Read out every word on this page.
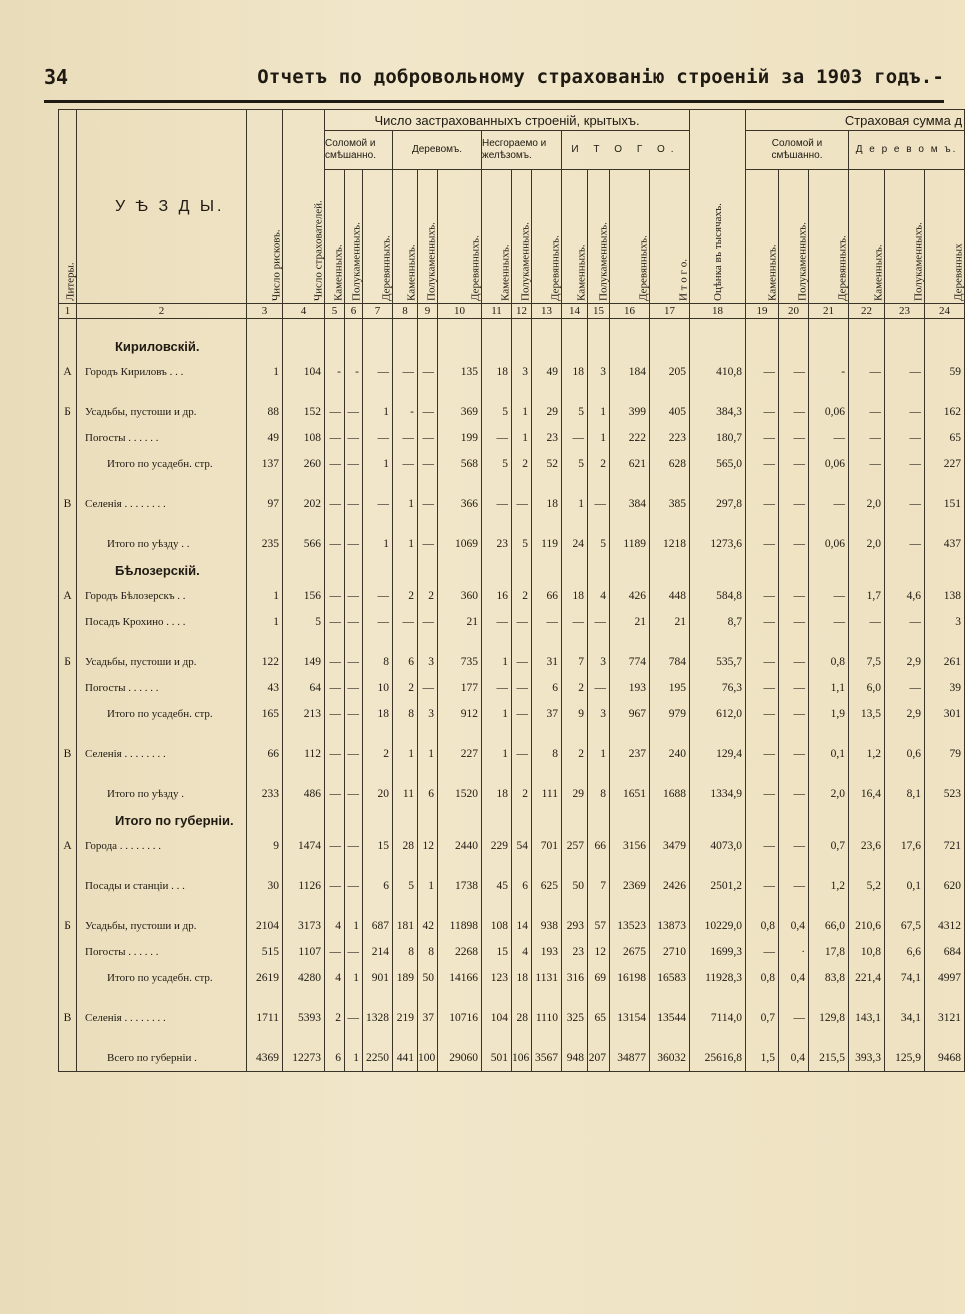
34	Отчетъ по добровольному страхованію строеній за 1903 годъ.-
Литеры.	У Ѣ З Д Ы.	Число рисковъ.	Число страхователей.	Число застрахованныхъ строеній, крытыхъ.													Оцѣнка въ тысячахъ.	Страховая сумма д					
				Соломой и смѣшанно.			Деревомъ.			Несгораемо и желѣзомъ.			И Т О Г О.					Соломой и смѣшанно.			Д е р е в о м ъ.		
				Каменныхъ.	Полукаменныхъ.	Деревянныхъ.	Каменныхъ.	Полукаменныхъ.	Деревянныхъ.	Каменныхъ.	Полукаменныхъ.	Деревянныхъ.	Каменныхъ.	Полукаменныхъ.	Деревянныхъ.	И т о г о.		Каменныхъ.	Полукаменныхъ.	Деревянныхъ.	Каменныхъ.	Полукаменныхъ.	Деревянных
1	2	3	4	5	6	7	8	9	10	11	12	13	14	15	16	17	18	19	20	21	22	23	24

	Кириловскій.																						
А	Городъ Кириловъ . . .	1	104	-	-	—	—	—	135	18	3	49	18	3	184	205	410,8	—	—	-	—	—	59

Б	Усадьбы, пустоши и др.	88	152	—	—	1	-	—	369	5	1	29	5	1	399	405	384,3	—	—	0,06	—	—	162
	Погосты . . . . . .	49	108	—	—	—	—	—	199	—	1	23	—	1	222	223	180,7	—	—	—	—	—	65
	Итого по усадебн. стр.	137	260	—	—	1	—	—	568	5	2	52	5	2	621	628	565,0	—	—	0,06	—	—	227

В	Селенія . . . . . . . .	97	202	—	—	—	1	—	366	—	—	18	1	—	384	385	297,8	—	—	—	2,0	—	151

	Итого по уѣзду . .	235	566	—	—	1	1	—	1069	23	5	119	24	5	1189	1218	1273,6	—	—	0,06	2,0	—	437
	Бѣлозерскій.																						
А	Городъ Бѣлозерскъ . .	1	156	—	—	—	2	2	360	16	2	66	18	4	426	448	584,8	—	—	—	1,7	4,6	138
	Посадъ Крохино . . . .	1	5	—	—	—	—	—	21	—	—	—	—	—	21	21	8,7	—	—	—	—	—	3

Б	Усадьбы, пустоши и др.	122	149	—	—	8	6	3	735	1	—	31	7	3	774	784	535,7	—	—	0,8	7,5	2,9	261
	Погосты . . . . . .	43	64	—	—	10	2	—	177	—	—	6	2	—	193	195	76,3	—	—	1,1	6,0	—	39
	Итого по усадебн. стр.	165	213	—	—	18	8	3	912	1	—	37	9	3	967	979	612,0	—	—	1,9	13,5	2,9	301

В	Селенія . . . . . . . .	66	112	—	—	2	1	1	227	1	—	8	2	1	237	240	129,4	—	—	0,1	1,2	0,6	79

	Итого по уѣзду .	233	486	—	—	20	11	6	1520	18	2	111	29	8	1651	1688	1334,9	—	—	2,0	16,4	8,1	523
	Итого по губерніи.																						
А	Города . . . . . . . .	9	1474	—	—	15	28	12	2440	229	54	701	257	66	3156	3479	4073,0	—	—	0,7	23,6	17,6	721

	Посады и станціи . . .	30	1126	—	—	6	5	1	1738	45	6	625	50	7	2369	2426	2501,2	—	—	1,2	5,2	0,1	620

Б	Усадьбы, пустоши и др.	2104	3173	4	1	687	181	42	11898	108	14	938	293	57	13523	13873	10229,0	0,8	0,4	66,0	210,6	67,5	4312
	Погосты . . . . . .	515	1107	—	—	214	8	8	2268	15	4	193	23	12	2675	2710	1699,3	—	·	17,8	10,8	6,6	684
	Итого по усадебн. стр.	2619	4280	4	1	901	189	50	14166	123	18	1131	316	69	16198	16583	11928,3	0,8	0,4	83,8	221,4	74,1	4997

В	Селенія . . . . . . . .	1711	5393	2	—	1328	219	37	10716	104	28	1110	325	65	13154	13544	7114,0	0,7	—	129,8	143,1	34,1	3121

	Всего по губерніи .	4369	12273	6	1	2250	441	100	29060	501	106	3567	948	207	34877	36032	25616,8	1,5	0,4	215,5	393,3	125,9	9468
